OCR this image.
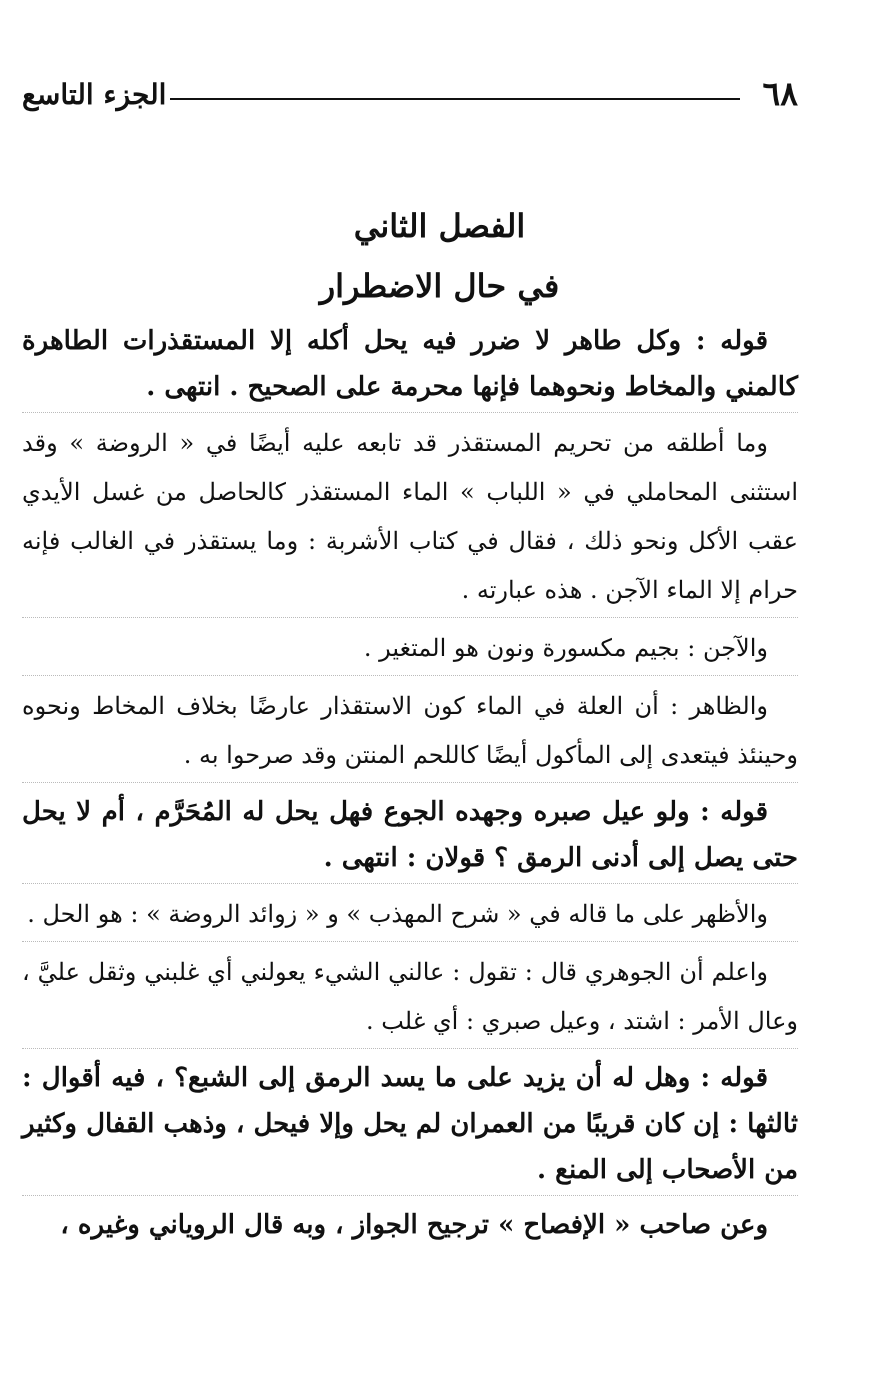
٦٨
الجزء التاسع
الفصل الثاني
في حال الاضطرار

قوله : وكل طاهر لا ضرر فيه يحل أكله إلا المستقذرات الطاهرة كالمني والمخاط ونحوهما فإنها محرمة على الصحيح . انتهى .

وما أطلقه من تحريم المستقذر قد تابعه عليه أيضًا في « الروضة » وقد استثنى المحاملي في « اللباب » الماء المستقذر كالحاصل من غسل الأيدي عقب الأكل ونحو ذلك ، فقال في كتاب الأشربة : وما يستقذر في الغالب فإنه حرام إلا الماء الآجن . هذه عبارته .

والآجن : بجيم مكسورة ونون هو المتغير .

والظاهر : أن العلة في الماء كون الاستقذار عارضًا بخلاف المخاط ونحوه وحينئذ فيتعدى إلى المأكول أيضًا كاللحم المنتن وقد صرحوا به .

قوله : ولو عيل صبره وجهده الجوع فهل يحل له المُحَرَّم ، أم لا يحل حتى يصل إلى أدنى الرمق ؟ قولان : انتهى .

والأظهر على ما قاله في « شرح المهذب » و « زوائد الروضة » : هو الحل .

واعلم أن الجوهري قال : تقول : عالني الشيء يعولني أي غلبني وثقل عليَّ ، وعال الأمر : اشتد ، وعيل صبري : أي غلب .

قوله : وهل له أن يزيد على ما يسد الرمق إلى الشبع؟ ، فيه أقوال : ثالثها : إن كان قريبًا من العمران لم يحل وإلا فيحل ، وذهب القفال وكثير من الأصحاب إلى المنع .

وعن صاحب « الإفصاح » ترجيح الجواز ، وبه قال الروياني وغيره ،
